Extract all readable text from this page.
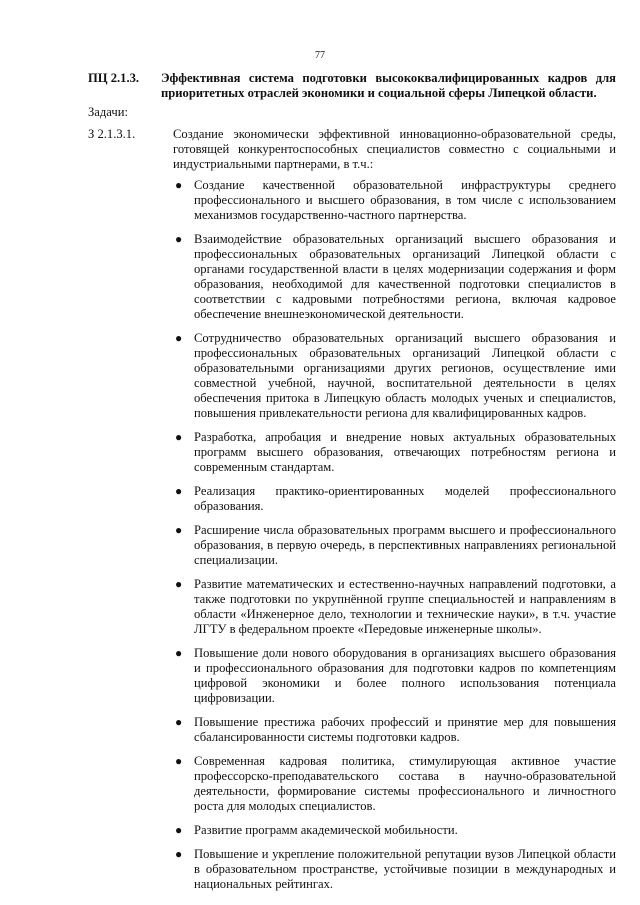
77
ПЦ 2.1.3.	Эффективная система подготовки высококвалифицированных кадров для приоритетных отраслей экономики и социальной сферы Липецкой области.
Задачи:
З 2.1.3.1.	Создание экономически эффективной инновационно-образовательной среды, готовящей конкурентоспособных специалистов совместно с социальными и индустриальными партнерами, в т.ч.:
● Создание качественной образовательной инфраструктуры среднего профессионального и высшего образования, в том числе с использованием механизмов государственно-частного партнерства.
● Взаимодействие образовательных организаций высшего образования и профессиональных образовательных организаций Липецкой области с органами государственной власти в целях модернизации содержания и форм образования, необходимой для качественной подготовки специалистов в соответствии с кадровыми потребностями региона, включая кадровое обеспечение внешнеэкономической деятельности.
● Сотрудничество образовательных организаций высшего образования и профессиональных образовательных организаций Липецкой области с образовательными организациями других регионов, осуществление ими совместной учебной, научной, воспитательной деятельности в целях обеспечения притока в Липецкую область молодых ученых и специалистов, повышения привлекательности региона для квалифицированных кадров.
● Разработка, апробация и внедрение новых актуальных образовательных программ высшего образования, отвечающих потребностям региона и современным стандартам.
● Реализация практико-ориентированных моделей профессионального образования.
● Расширение числа образовательных программ высшего и профессионального образования, в первую очередь, в перспективных направлениях региональной специализации.
● Развитие математических и естественно-научных направлений подготовки, а также подготовки по укрупнённой группе специальностей и направлениям в области «Инженерное дело, технологии и технические науки», в т.ч. участие ЛГТУ в федеральном проекте «Передовые инженерные школы».
● Повышение доли нового оборудования в организациях высшего образования и профессионального образования для подготовки кадров по компетенциям цифровой экономики и более полного использования потенциала цифровизации.
● Повышение престижа рабочих профессий и принятие мер для повышения сбалансированности системы подготовки кадров.
● Современная кадровая политика, стимулирующая активное участие профессорско-преподавательского состава в научно-образовательной деятельности, формирование системы профессионального и личностного роста для молодых специалистов.
● Развитие программ академической мобильности.
● Повышение и укрепление положительной репутации вузов Липецкой области в образовательном пространстве, устойчивые позиции в международных и национальных рейтингах.
